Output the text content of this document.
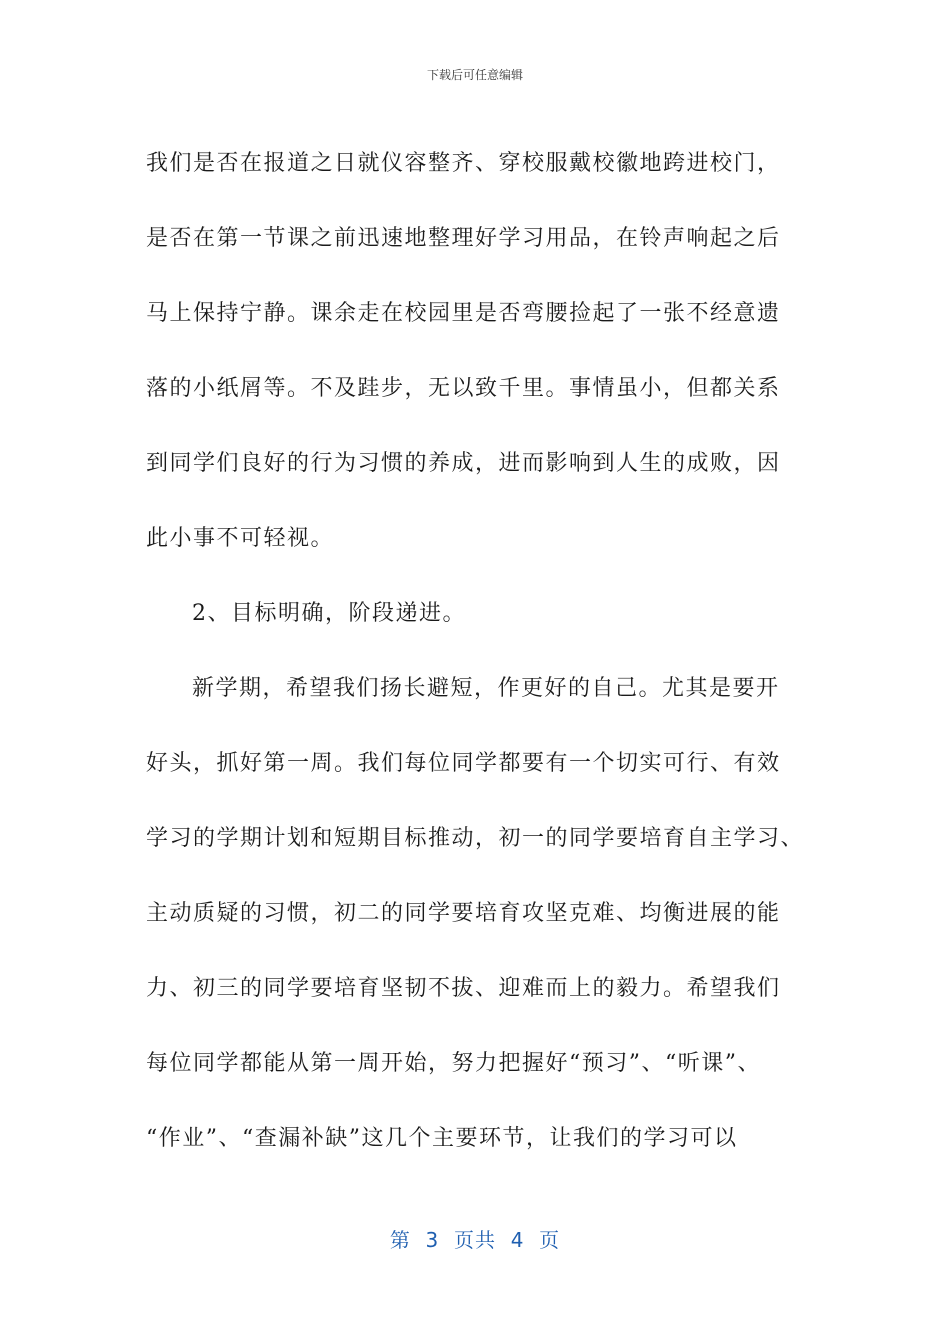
下载后可任意编辑
我们是否在报道之日就仪容整齐、穿校服戴校徽地跨进校门，
是否在第一节课之前迅速地整理好学习用品，在铃声响起之后
马上保持宁静。课余走在校园里是否弯腰捡起了一张不经意遗
落的小纸屑等。不及跬步，无以致千里。事情虽小，但都关系
到同学们良好的行为习惯的养成，进而影响到人生的成败，因
此小事不可轻视。
2、目标明确，阶段递进。
新学期，希望我们扬长避短，作更好的自己。尤其是要开
好头，抓好第一周。我们每位同学都要有一个切实可行、有效
学习的学期计划和短期目标推动，初一的同学要培育自主学习、
主动质疑的习惯，初二的同学要培育攻坚克难、均衡进展的能
力、初三的同学要培育坚韧不拔、迎难而上的毅力。希望我们
每位同学都能从第一周开始，努力把握好“预习”、“听课”、
“作业”、“查漏补缺”这几个主要环节，让我们的学习可以
第  3  页共  4  页
